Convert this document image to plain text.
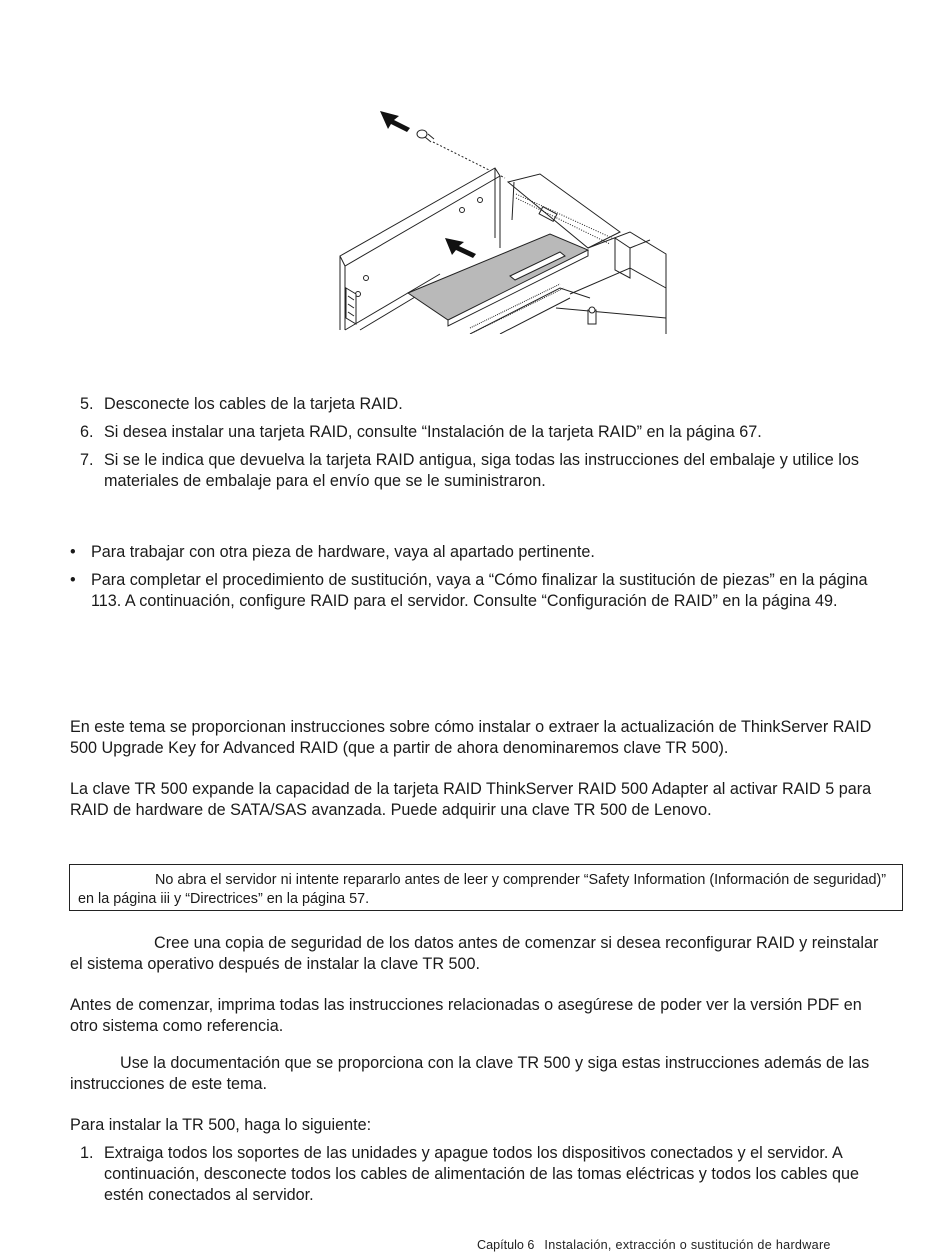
5. Desconecte los cables de la tarjeta RAID.
6. Si desea instalar una tarjeta RAID, consulte “Instalación de la tarjeta RAID” en la página 67.
7. Si se le indica que devuelva la tarjeta RAID antigua, siga todas las instrucciones del embalaje y utilice los materiales de embalaje para el envío que se le suministraron.
• Para trabajar con otra pieza de hardware, vaya al apartado pertinente.
• Para completar el procedimiento de sustitución, vaya a “Cómo finalizar la sustitución de piezas” en la página 113. A continuación, configure RAID para el servidor. Consulte “Configuración de RAID” en la página 49.

En este tema se proporcionan instrucciones sobre cómo instalar o extraer la actualización de ThinkServer RAID 500 Upgrade Key for Advanced RAID (que a partir de ahora denominaremos clave TR 500).

La clave TR 500 expande la capacidad de la tarjeta RAID ThinkServer RAID 500 Adapter al activar RAID 5 para RAID de hardware de SATA/SAS avanzada. Puede adquirir una clave TR 500 de Lenovo.

No abra el servidor ni intente repararlo antes de leer y comprender “Safety Information (Información de seguridad)” en la página iii y “Directrices” en la página 57.

Cree una copia de seguridad de los datos antes de comenzar si desea reconfigurar RAID y reinstalar el sistema operativo después de instalar la clave TR 500.

Antes de comenzar, imprima todas las instrucciones relacionadas o asegúrese de poder ver la versión PDF en otro sistema como referencia.

Use la documentación que se proporciona con la clave TR 500 y siga estas instrucciones además de las instrucciones de este tema.

Para instalar la TR 500, haga lo siguiente:

1. Extraiga todos los soportes de las unidades y apague todos los dispositivos conectados y el servidor. A continuación, desconecte todos los cables de alimentación de las tomas eléctricas y todos los cables que estén conectados al servidor.
Capítulo 6 Instalación, extracción o sustitución de hardware
